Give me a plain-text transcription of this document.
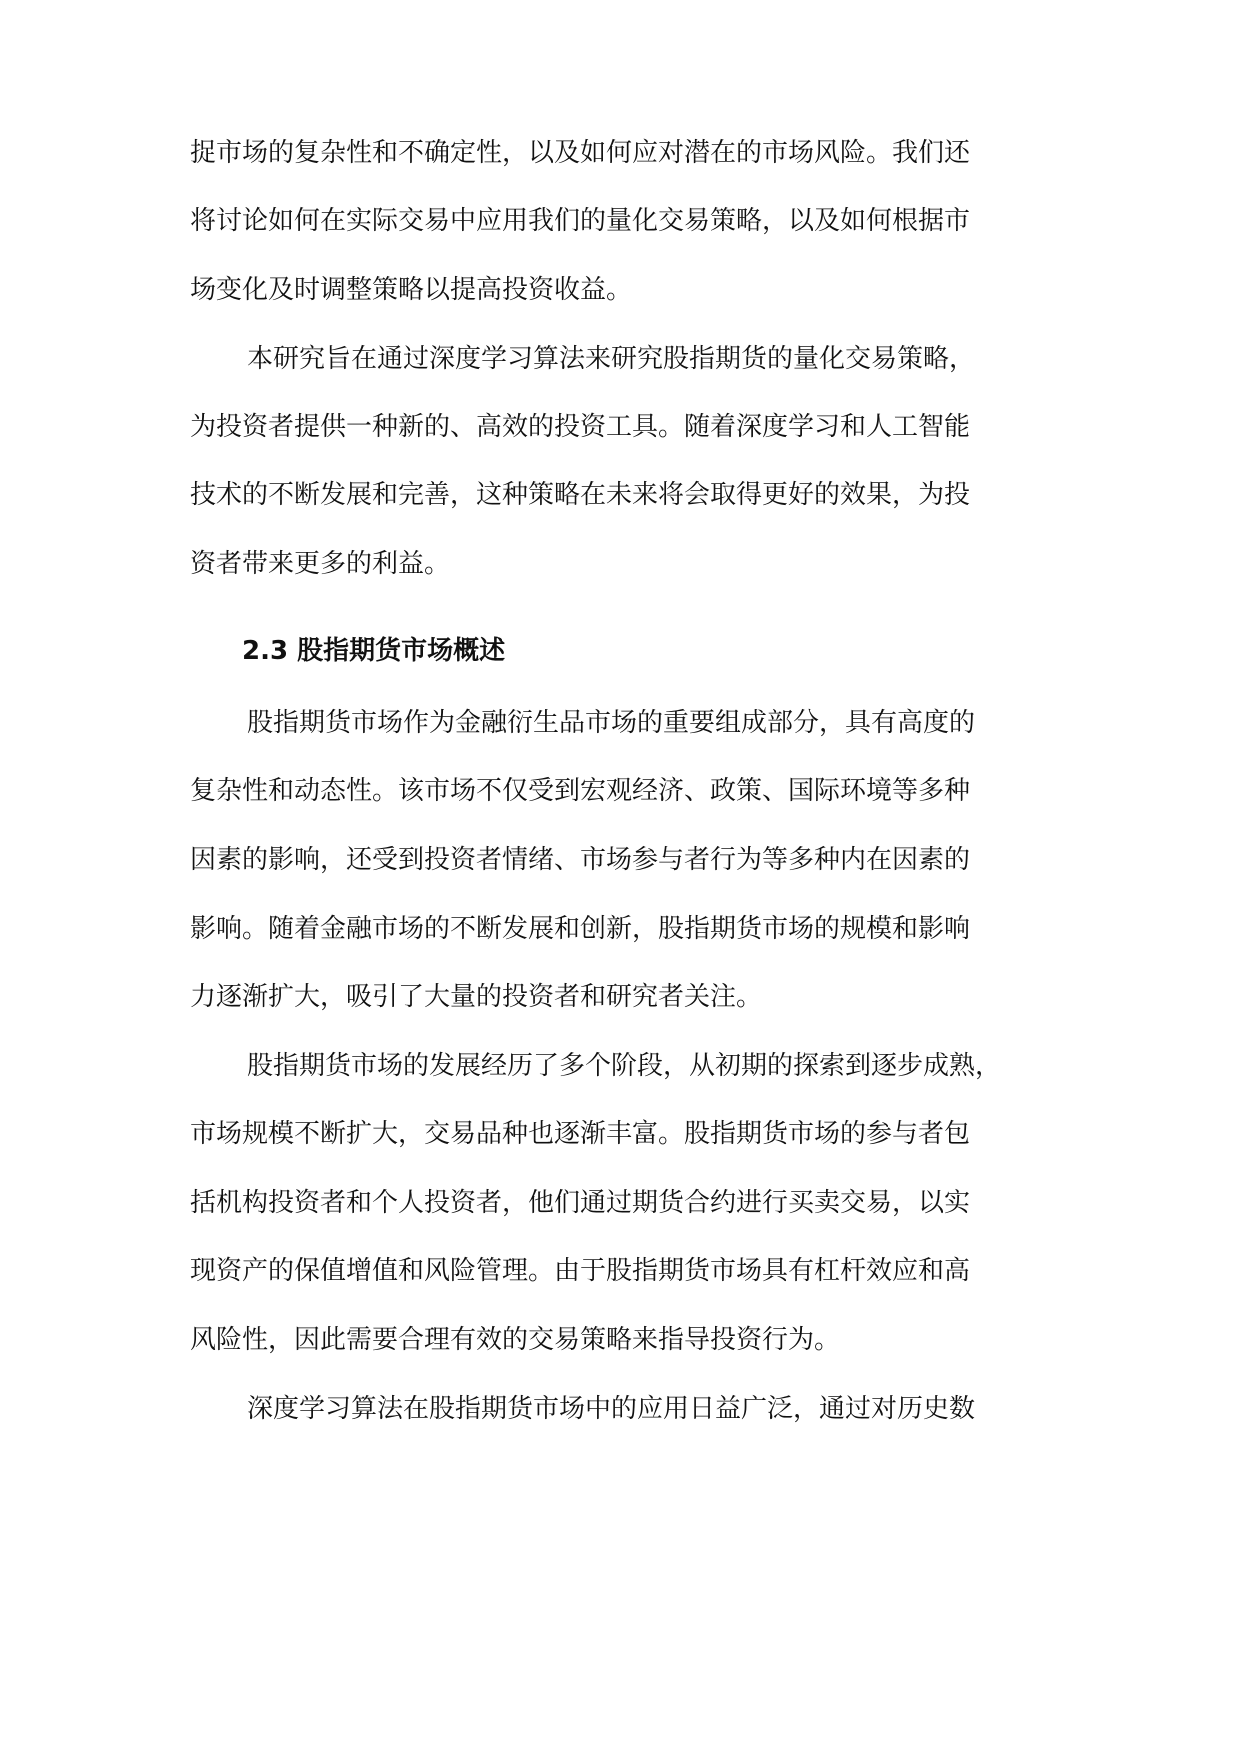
捉市场的复杂性和不确定性，以及如何应对潜在的市场风险。我们还
将讨论如何在实际交易中应用我们的量化交易策略，以及如何根据市
场变化及时调整策略以提高投资收益。
本研究旨在通过深度学习算法来研究股指期货的量化交易策略，
为投资者提供一种新的、高效的投资工具。随着深度学习和人工智能
技术的不断发展和完善，这种策略在未来将会取得更好的效果，为投
资者带来更多的利益。
2.3 股指期货市场概述
股指期货市场作为金融衍生品市场的重要组成部分，具有高度的
复杂性和动态性。该市场不仅受到宏观经济、政策、国际环境等多种
因素的影响，还受到投资者情绪、市场参与者行为等多种内在因素的
影响。随着金融市场的不断发展和创新，股指期货市场的规模和影响
力逐渐扩大，吸引了大量的投资者和研究者关注。
股指期货市场的发展经历了多个阶段，从初期的探索到逐步成熟，
市场规模不断扩大，交易品种也逐渐丰富。股指期货市场的参与者包
括机构投资者和个人投资者，他们通过期货合约进行买卖交易，以实
现资产的保值增值和风险管理。由于股指期货市场具有杠杆效应和高
风险性，因此需要合理有效的交易策略来指导投资行为。
深度学习算法在股指期货市场中的应用日益广泛，通过对历史数
